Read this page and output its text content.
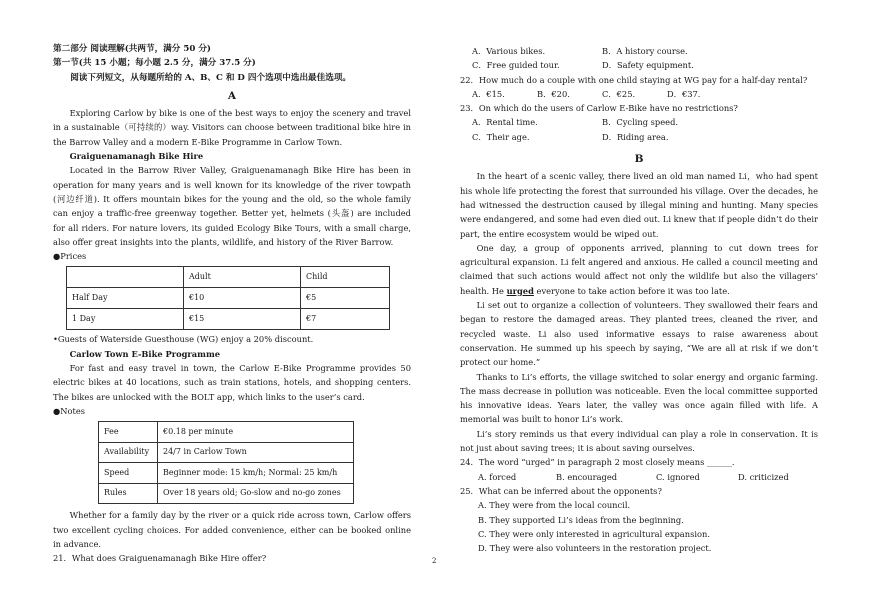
第二部分 阅读理解(共两节，满分 50 分)
第一节(共 15 小题；每小题 2.5 分，满分 37.5 分)
阅读下列短文，从每题所给的 A、B、C 和 D 四个选项中选出最佳选项。
A

Exploring Carlow by bike is one of the best ways to enjoy the scenery and travel in a sustainable（可持续的）way. Visitors can choose between traditional bike hire in the Barrow Valley and a modern E-Bike Programme in Carlow Town.

Graiguenamanagh Bike Hire

Located in the Barrow River Valley, Graiguenamanagh Bike Hire has been in operation for many years and is well known for its knowledge of the river towpath (河边纤道). It offers mountain bikes for the young and the old, so the whole family can enjoy a traffic-free greenway together. Better yet, helmets (头盔) are included for all riders. For nature lovers, its guided Ecology Bike Tours, with a small charge, also offer great insights into the plants, wildlife, and history of the River Barrow.

●Prices
	Adult	Child
Half Day	€10	€5
1 Day	€15	€7
•Guests of Waterside Guesthouse (WG) enjoy a 20% discount.
Carlow Town E-Bike Programme

For fast and easy travel in town, the Carlow E-Bike Programme provides 50 electric bikes at 40 locations, such as train stations, hotels, and shopping centers. The bikes are unlocked with the BOLT app, which links to the user’s card.

●Notes
Fee	€0.18 per minute
Availability	24/7 in Carlow Town
Speed	Beginner mode: 15 km/h; Normal: 25 km/h
Rules	Over 18 years old; Go-slow and no-go zones

Whether for a family day by the river or a quick ride across town, Carlow offers two excellent cycling choices. For added convenience, either can be booked online in advance.

21．What does Graiguenamanagh Bike Hire offer?
A．Various bikes.	B．A history course.
C．Free guided tour.	D．Safety equipment.
22．How much do a couple with one child staying at WG pay for a half-day rental?
A．€15.	B．€20.	C．€25.	D．€37.
23．On which do the users of Carlow E-Bike have no restrictions?
A．Rental time.	B．Cycling speed.
C．Their age.	D．Riding area.
B

In the heart of a scenic valley, there lived an old man named Li，who had spent his whole life protecting the forest that surrounded his village. Over the decades, he had witnessed the destruction caused by illegal mining and hunting. Many species were endangered, and some had even died out. Li knew that if people didn’t do their part, the entire ecosystem would be wiped out.

One day, a group of opponents arrived, planning to cut down trees for agricultural expansion. Li felt angered and anxious. He called a council meeting and claimed that such actions would affect not only the wildlife but also the villagers’ health. He urged everyone to take action before it was too late.

Li set out to organize a collection of volunteers. They swallowed their fears and began to restore the damaged areas. They planted trees, cleaned the river, and recycled waste. Li also used informative essays to raise awareness about conservation. He summed up his speech by saying, “We are all at risk if we don’t protect our home.”

Thanks to Li’s efforts, the village switched to solar energy and organic farming. The mass decrease in pollution was noticeable. Even the local committee supported his innovative ideas. Years later, the valley was once again filled with life. A memorial was built to honor Li’s work.

Li’s story reminds us that every individual can play a role in conservation. It is not just about saving trees; it is about saving ourselves.

24．The word “urged” in paragraph 2 most closely means ______.
A. forced	B. encouraged	C. ignored	D. criticized
25．What can be inferred about the opponents?
A. They were from the local council.
B. They supported Li’s ideas from the beginning.
C. They were only interested in agricultural expansion.
D. They were also volunteers in the restoration project.
2
